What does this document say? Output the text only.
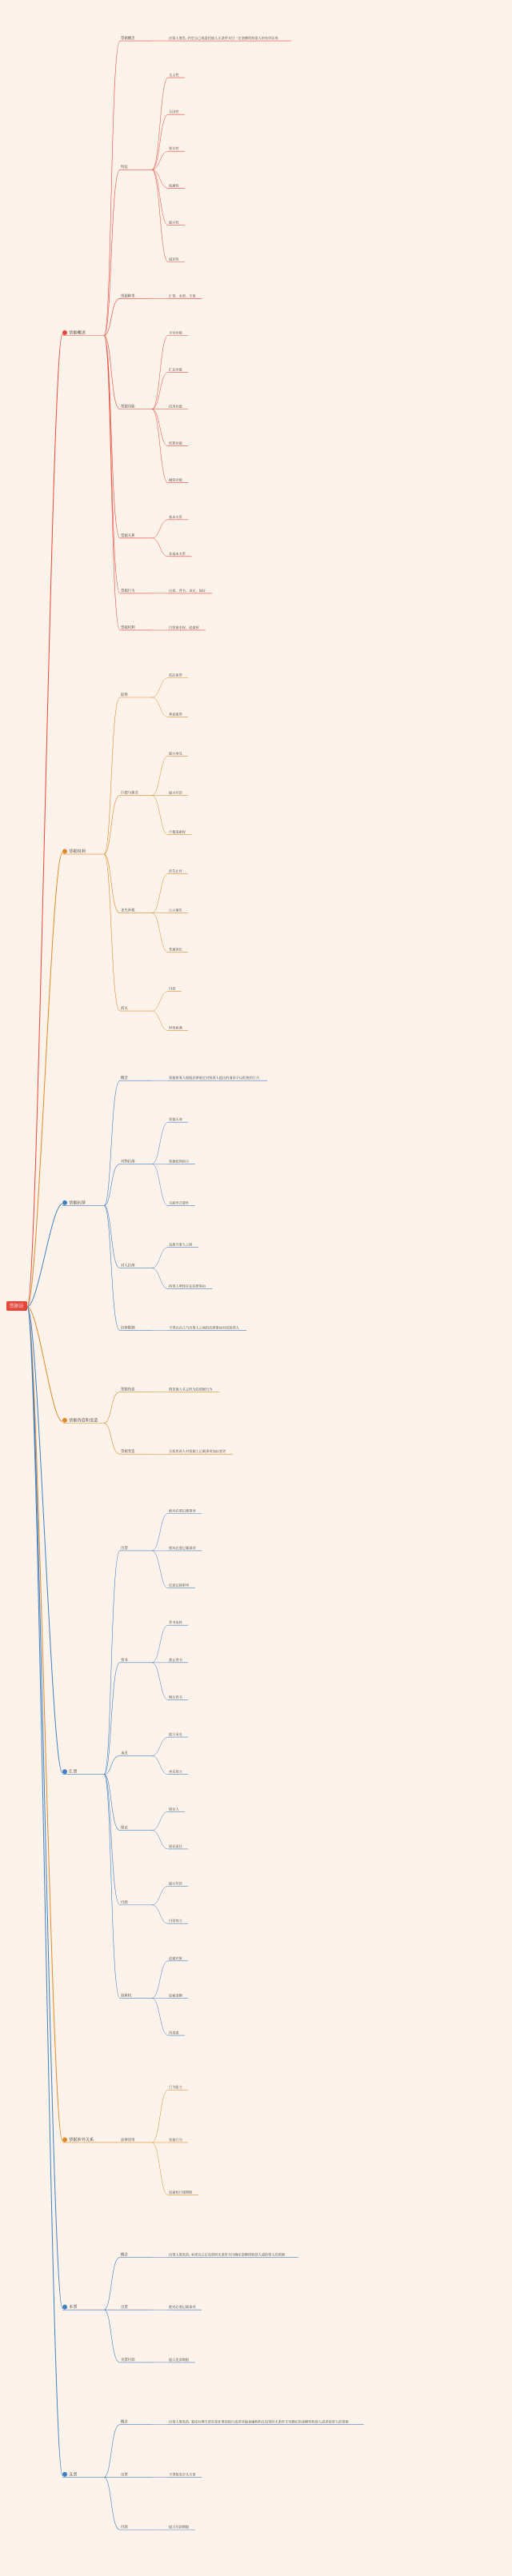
票据法
票据概述
票据概念	由票人签发, 约定自己或委托他人无条件支付一定金额给持票人的有价证券
特征
文义性
无因性
要式性
流通性
提示性
返还性
票据种类	汇票、本票、支票
票据功能
支付功能
汇兑功能
信用功能
结算功能
融资功能
票据关系
基本关系
非基本关系
票据行为	出票、背书、承兑、保证
票据权利	付款请求权、追索权
票据权利
取得
依法取得
善意取得
行使与保全
提示承兑
提示付款
行使追索权
丧失补救
挂失止付
公示催告
普通诉讼
消灭
付款
时效届满
票据抗辩
概念	票据债务人根据法律规定对持票人提出的请求予以拒绝的行为
对物抗辩
票据无效
票据权利消灭
欠缺形式要件
对人抗辩
直接当事人之间
持票人明知存在抗辩事由
抗辩限制	不得以自己与出票人之间的抗辩事由对抗持票人
票据伪造和变造
票据伪造	假冒他人名义所为的票据行为
票据变造	无权更改人对票据上记载事项加以变更
汇票
出票
绝对必要记载事项
相对必要记载事项
任意记载事项
背书
背书连续
禁止背书
期后背书
承兑
提示承兑
承兑效力
保证
保证人
保证责任
付款
提示付款
付款效力
追索权
追索对象
追索金额
再追索
票据涉外关系	法律适用
行为能力
票据行为
追索权行使期限
本票
概念	出票人签发的, 承诺自己在见票时无条件支付确定金额给收款人或持票人的票据
出票	绝对必要记载事项
见票付款	提示见票期限
支票
概念	出票人签发的, 委托办理支票存款业务的银行或者其他金融机构在见票时无条件支付确定的金额给收款人或者持票人的票据
出票	不得签发空头支票
付款	提示付款期限
